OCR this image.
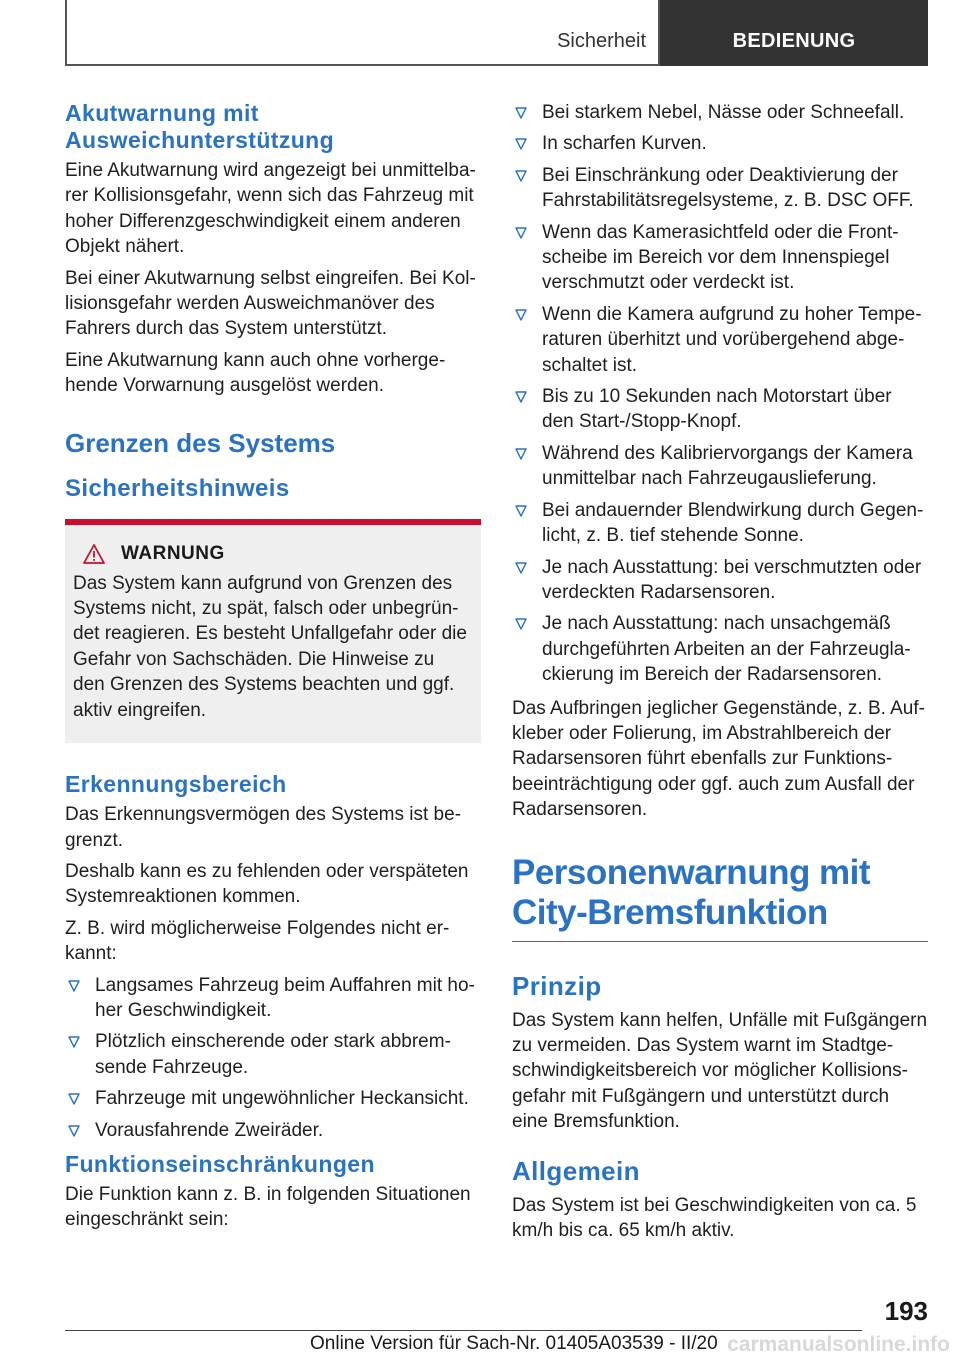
Sicherheit	BEDIENUNG
Akutwarnung mit Ausweichunterstützung

Eine Akutwarnung wird angezeigt bei unmittelbarer Kollisionsgefahr, wenn sich das Fahrzeug mit hoher Differenzgeschwindigkeit einem anderen Objekt nähert.

Bei einer Akutwarnung selbst eingreifen. Bei Kollisionsgefahr werden Ausweichmanöver des Fahrers durch das System unterstützt.

Eine Akutwarnung kann auch ohne vorhergehende Vorwarnung ausgelöst werden.

Grenzen des Systems
Sicherheitshinweis
WARNUNG

Das System kann aufgrund von Grenzen des Systems nicht, zu spät, falsch oder unbegründet reagieren. Es besteht Unfallgefahr oder die Gefahr von Sachschäden. Die Hinweise zu den Grenzen des Systems beachten und ggf. aktiv eingreifen.

Erkennungsbereich

Das Erkennungsvermögen des Systems ist begrenzt.

Deshalb kann es zu fehlenden oder verspäteten Systemreaktionen kommen.

Z. B. wird möglicherweise Folgendes nicht erkannt:

Langsames Fahrzeug beim Auffahren mit hoher Geschwindigkeit.
Plötzlich einscherende oder stark abbremsende Fahrzeuge.
Fahrzeuge mit ungewöhnlicher Heckansicht.
Vorausfahrende Zweiräder.
Funktionseinschränkungen

Die Funktion kann z. B. in folgenden Situationen eingeschränkt sein:

Bei starkem Nebel, Nässe oder Schneefall.
In scharfen Kurven.
Bei Einschränkung oder Deaktivierung der Fahrstabilitätsregelsysteme, z. B. DSC OFF.
Wenn das Kamerasichtfeld oder die Frontscheibe im Bereich vor dem Innenspiegel verschmutzt oder verdeckt ist.
Wenn die Kamera aufgrund zu hoher Temperaturen überhitzt und vorübergehend abgeschaltet ist.
Bis zu 10 Sekunden nach Motorstart über den Start-/Stopp-Knopf.
Während des Kalibriervorgangs der Kamera unmittelbar nach Fahrzeugauslieferung.
Bei andauernder Blendwirkung durch Gegenlicht, z. B. tief stehende Sonne.
Je nach Ausstattung: bei verschmutzten oder verdeckten Radarsensoren.
Je nach Ausstattung: nach unsachgemäß durchgeführten Arbeiten an der Fahrzeuglackierung im Bereich der Radarsensoren.

Das Aufbringen jeglicher Gegenstände, z. B. Aufkleber oder Folierung, im Abstrahlbereich der Radarsensoren führt ebenfalls zur Funktionsbeeinträchtigung oder ggf. auch zum Ausfall der Radarsensoren.

Personenwarnung mit City-Bremsfunktion
Prinzip

Das System kann helfen, Unfälle mit Fußgängern zu vermeiden. Das System warnt im Stadtgeschwindigkeitsbereich vor möglicher Kollisionsgefahr mit Fußgängern und unterstützt durch eine Bremsfunktion.

Allgemein

Das System ist bei Geschwindigkeiten von ca. 5 km/h bis ca. 65 km/h aktiv.

193
Online Version für Sach-Nr. 01405A03539 - II/20 carmanualsonline.info
